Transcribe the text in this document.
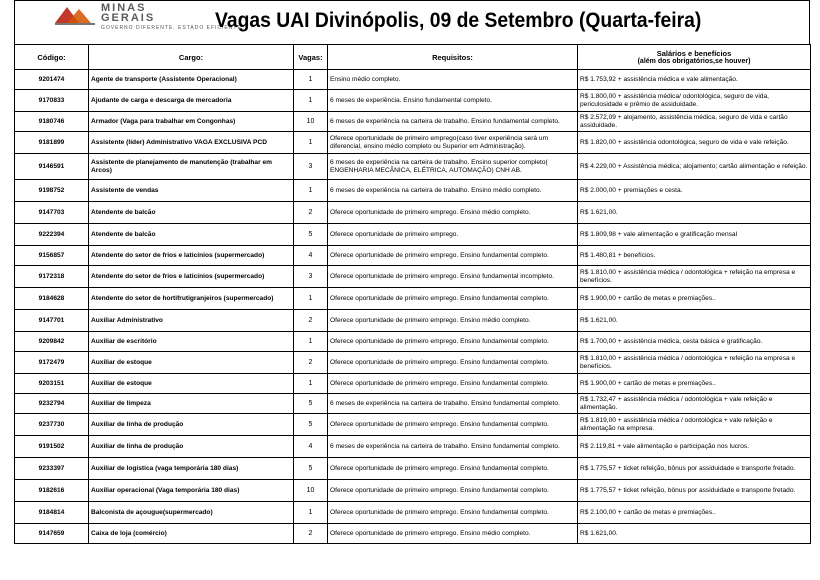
MINAS
GERAIS
GOVERNO DIFERENTE. ESTADO EFICIENTE.
Vagas UAI Divinópolis, 09 de Setembro (Quarta-feira)
Código:	Cargo:	Vagas:	Requisitos:	Salários e benefícios
(além dos obrigatórios,se houver)

9201474	Agente de transporte (Assistente Operacional)	1	Ensino médio completo.	R$ 1.753,92 + assistência médica e vale alimentação.
9170833	Ajudante de carga e descarga de mercadoria	1	6 meses de experiência. Ensino fundamental completo.	R$ 1.800,00 + assistência médica/ odontológica, seguro de vida, periculosidade e prêmio de assiduidade.
9180746	Armador (Vaga para trabalhar em Congonhas)	10	6 meses de experiência na carteira de trabalho. Ensino fundamental completo.	R$ 2.572,09 + alojamento, assistência médica, seguro de vida e cartão assiduidade.
9181899	Assistente (líder) Administrativo VAGA EXCLUSIVA PCD	1	Oferece oportunidade de primeiro emprego(caso tiver experiência será um diferencial, ensino médio completo ou Superior em Administração).	R$ 1.820,00 + assistência odontológica, seguro de vida e vale refeição.
9146591	Assistente de planejamento de manutenção (trabalhar em Arcos)	3	6 meses de experiência na carteira de trabalho. Ensino superior completo( ENGENHARIA MECÂNICA, ELÉTRICA, AUTOMAÇÃO) CNH AB.	R$ 4.229,00 + Assistência médica; alojamento; cartão alimentação e refeição.
9198752	Assistente de vendas	1	6 meses de experiência na carteira de trabalho. Ensino médio completo.	R$ 2.000,00 + premiações e cesta.
9147703	Atendente de balcão	2	Oferece oportunidade de primeiro emprego. Ensino médio completo.	R$ 1.621,00.
9222394	Atendente de balcão	5	Oferece oportunidade de primeiro emprego.	R$ 1.809,98 + vale alimentação e gratificação mensal
9156857	Atendente do setor de frios e laticínios (supermercado)	4	Oferece oportunidade de primeiro emprego. Ensino fundamental completo.	R$ 1.480,81 + benefícios.
9172318	Atendente do setor de frios e laticínios (supermercado)	3	Oferece oportunidade de primeiro emprego. Ensino fundamental incompleto.	R$ 1.810,00 + assistência médica / odontológica + refeição na empresa e benefícios.
9184628	Atendente do setor de hortifrutigranjeiros (supermercado)	1	Oferece oportunidade de primeiro emprego. Ensino fundamental completo.	R$ 1.900,00 + cartão de metas e premiações..
9147701	Auxiliar Administrativo	2	Oferece oportunidade de primeiro emprego. Ensino médio completo.	R$ 1.621,00.
9209842	Auxiliar de escritório	1	Oferece oportunidade de primeiro emprego. Ensino fundamental completo.	R$ 1.700,00 + assistência médica, cesta básica e gratificação.
9172479	Auxiliar de estoque	2	Oferece oportunidade de primeiro emprego. Ensino fundamental completo.	R$ 1.810,00 + assistência médica / odontológica + refeição na empresa e benefícios.
9203151	Auxiliar de estoque	1	Oferece oportunidade de primeiro emprego. Ensino fundamental completo.	R$ 1.900,00 + cartão de metas e premiações..
9232794	Auxiliar de limpeza	5	6 meses de experiência na carteira de trabalho. Ensino fundamental completo.	R$ 1.732,47 + assistência médica / odontológica + vale refeição e alimentação.
9237730	Auxiliar de linha de produção	5	Oferece oportunidade de primeiro emprego. Ensino fundamental completo.	R$ 1.819,00 + assistência médica / odontológica + vale refeição e alimentação na empresa.
9191502	Auxiliar de linha de produção	4	6 meses de experiência na carteira de trabalho. Ensino fundamental completo.	R$ 2.119,81 + vale alimentação e participação nos lucros.
9233397	Auxiliar de logística (vaga temporária 180 dias)	5	Oferece oportunidade de primeiro emprego. Ensino fundamental completo.	R$ 1.775,57 + ticket refeição, bônus por assiduidade e transporte fretado.
9182616	Auxiliar operacional (Vaga temporária 180 dias)	10	Oferece oportunidade de primeiro emprego. Ensino fundamental completo.	R$ 1.775,57 + ticket refeição, bônus por assiduidade e transporte fretado.
9184814	Balconista de açougue(supermercado)	1	Oferece oportunidade de primeiro emprego. Ensino fundamental completo.	R$ 2.100,00 + cartão de metas e premiações..
9147659	Caixa de loja (comércio)	2	Oferece oportunidade de primeiro emprego. Ensino médio completo.	R$ 1.621,00.
